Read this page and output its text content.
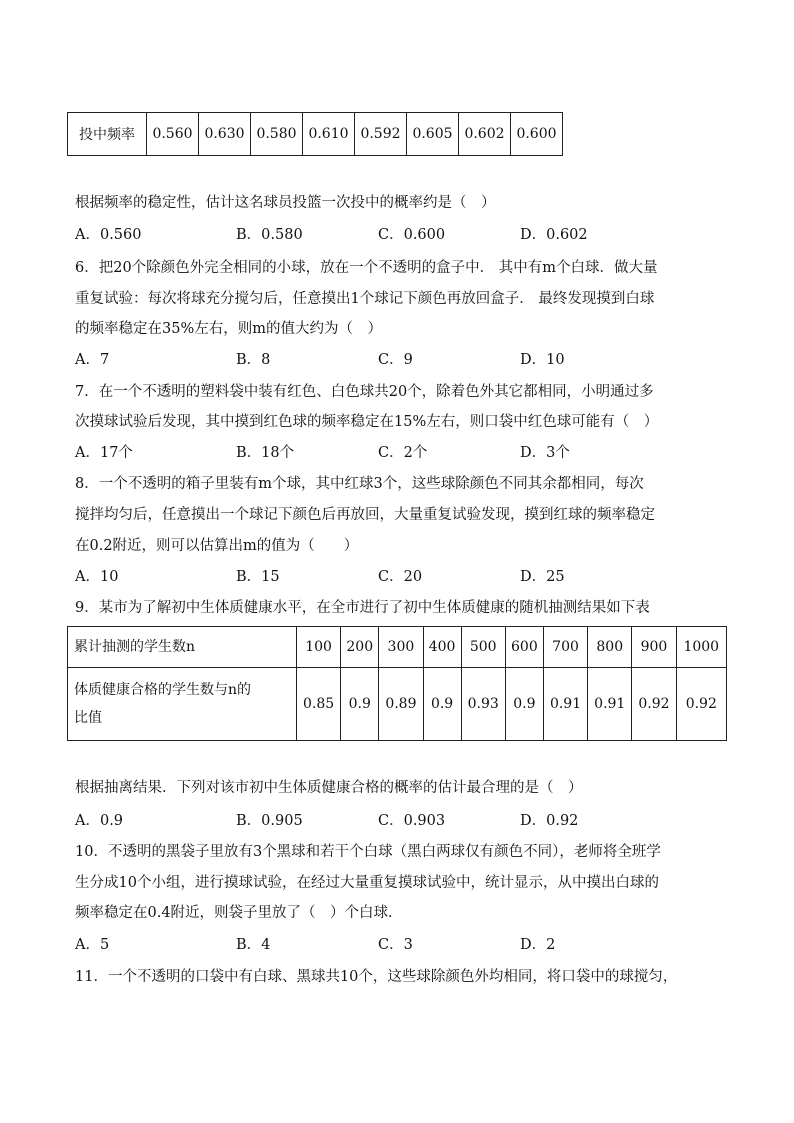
投中频率	0.560	0.630	0.580	0.610	0.592	0.605	0.602	0.600
根据频率的稳定性，估计这名球员投篮一次投中的概率约是（　）
A．0.560	B．0.580	C．0.600	D．0.602
6．把20个除颜色外完全相同的小球，放在一个不透明的盒子中． 其中有m个白球．做大量
重复试验：每次将球充分搅匀后，任意摸出1个球记下颜色再放回盒子． 最终发现摸到白球
的频率稳定在35%左右，则m的值大约为（　）
A．7	B．8	C．9	D．10
7．在一个不透明的塑料袋中装有红色、白色球共20个，除着色外其它都相同，小明通过多
次摸球试验后发现，其中摸到红色球的频率稳定在15%左右，则口袋中红色球可能有（　）
A．17个	B．18个	C．2个	D．3个
8．一个不透明的箱子里装有m个球，其中红球3个，这些球除颜色不同其余都相同，每次
搅拌均匀后，任意摸出一个球记下颜色后再放回，大量重复试验发现，摸到红球的频率稳定
在0.2附近，则可以估算出m的值为（　　）
A．10	B．15	C．20	D．25
9．某市为了解初中生体质健康水平，在全市进行了初中生体质健康的随机抽测结果如下表
累计抽测的学生数n	100	200	300	400	500	600	700	800	900	1000
体质健康合格的学生数与n的
比值	0.85	0.9	0.89	0.9	0.93	0.9	0.91	0.91	0.92	0.92
根据抽离结果．下列对该市初中生体质健康合格的概率的估计最合理的是（　）
A．0.9	B．0.905	C．0.903	D．0.92
10．不透明的黑袋子里放有3个黑球和若干个白球（黑白两球仅有颜色不同），老师将全班学
生分成10个小组，进行摸球试验，在经过大量重复摸球试验中，统计显示，从中摸出白球的
频率稳定在0.4附近，则袋子里放了（　）个白球．
A．5	B．4	C．3	D．2
11．一个不透明的口袋中有白球、黑球共10个，这些球除颜色外均相同，将口袋中的球搅匀，
